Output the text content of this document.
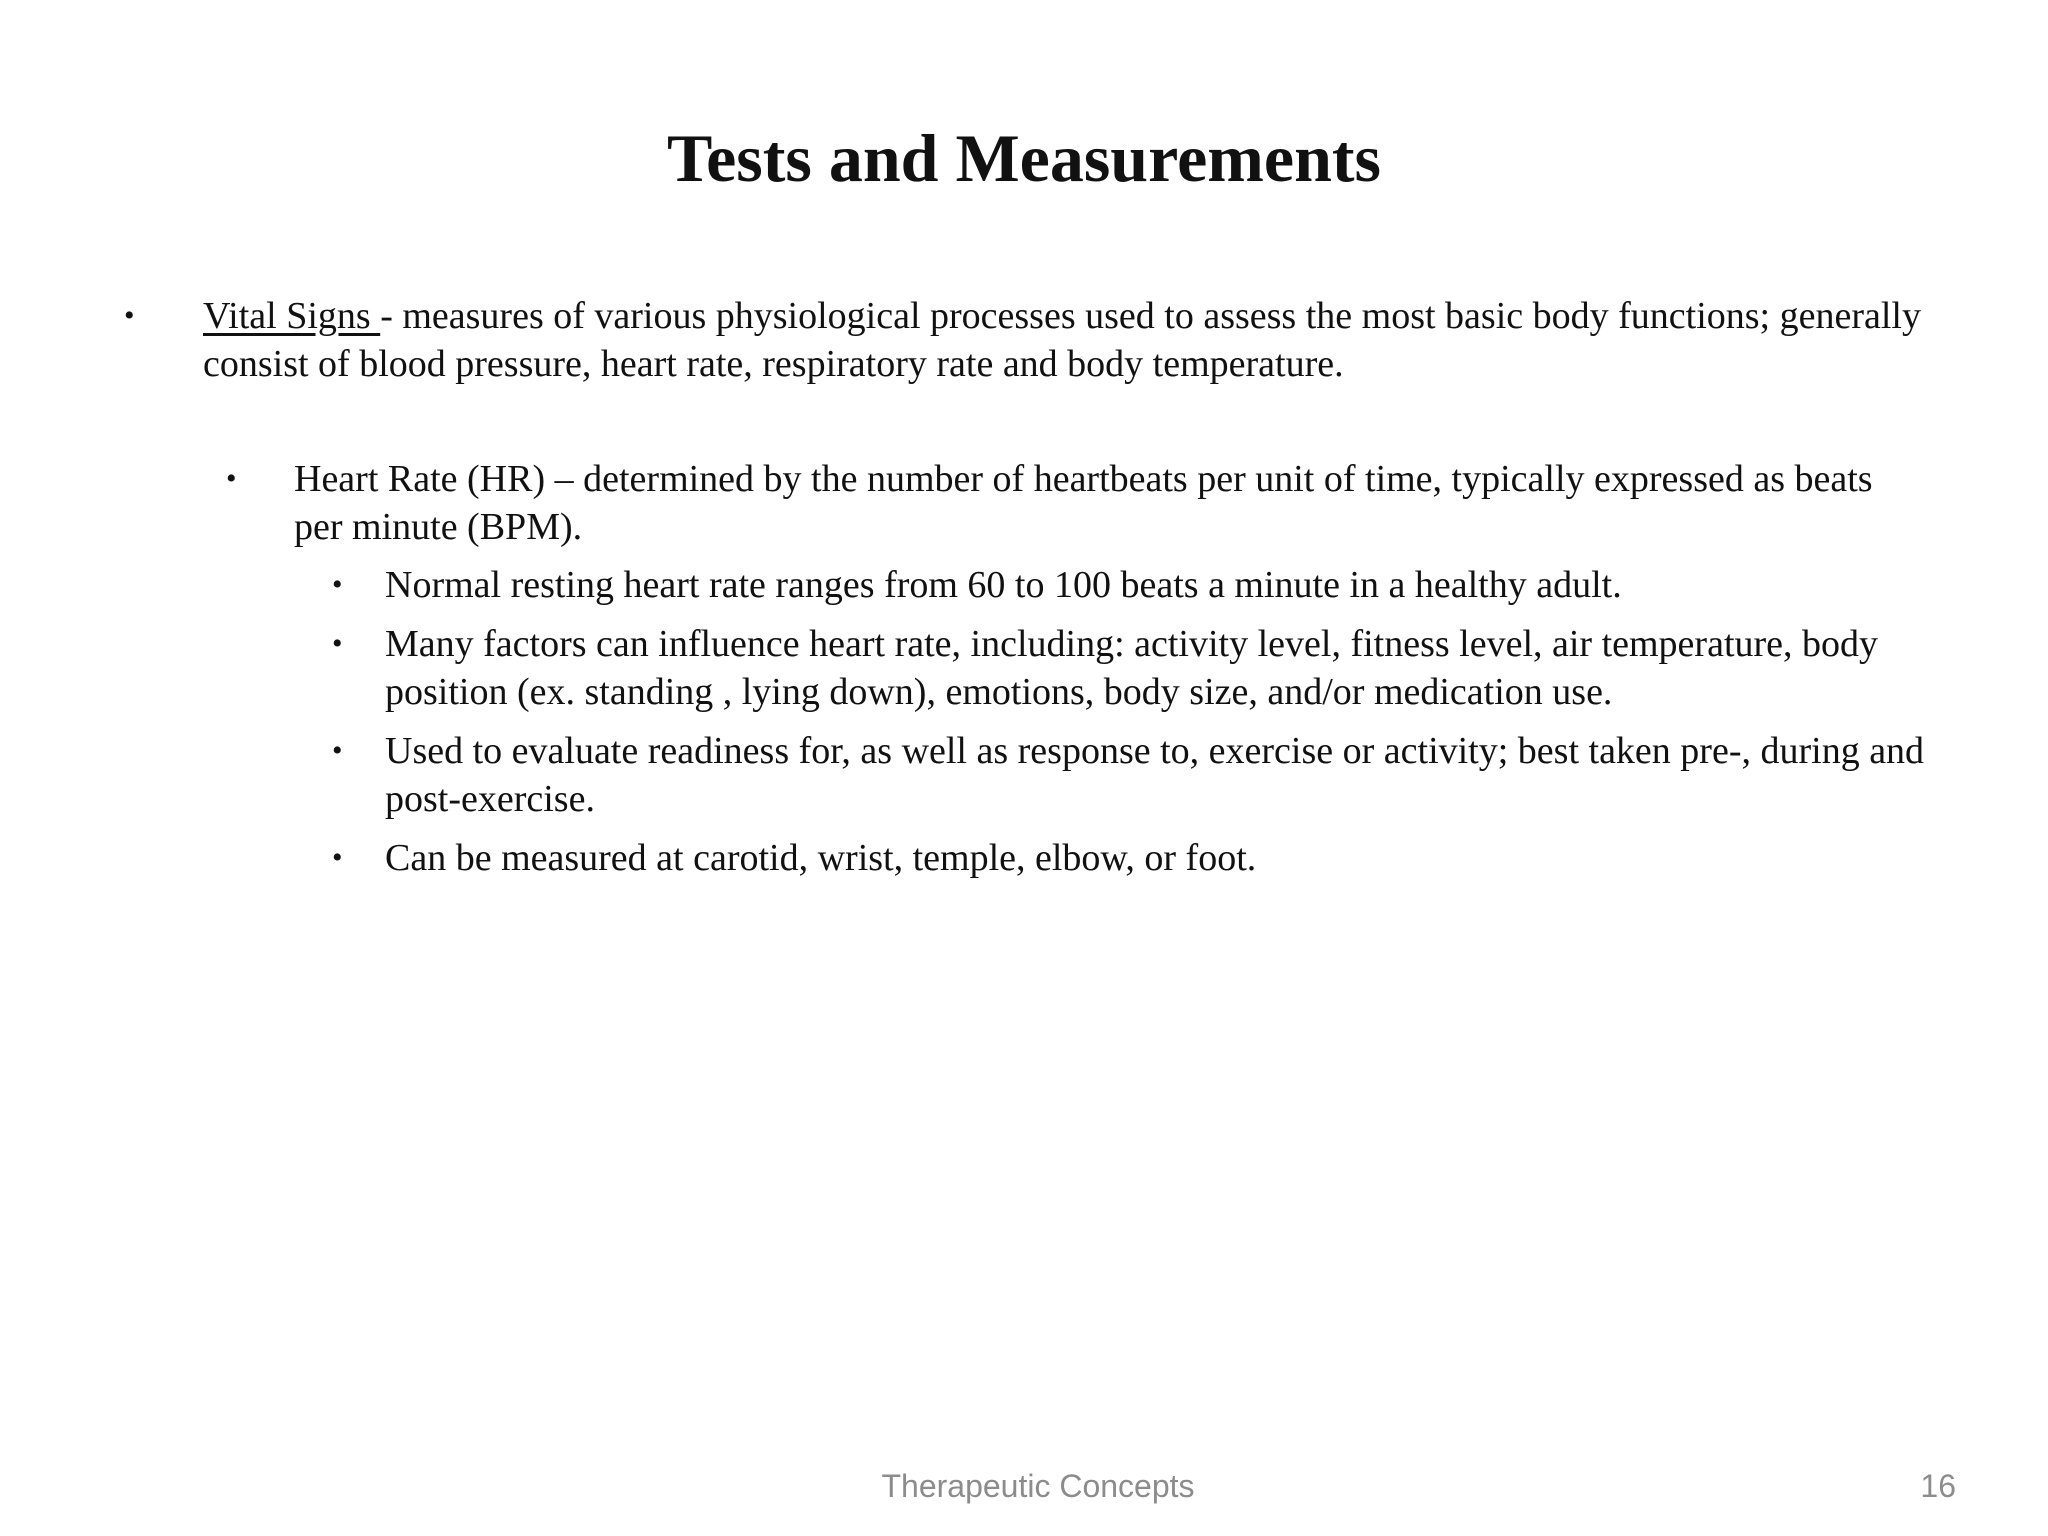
Tests and Measurements
• Vital Signs - measures of various physiological processes used to assess the most basic body functions; generally consist of blood pressure, heart rate, respiratory rate and body temperature.
• Heart Rate (HR) – determined by the number of heartbeats per unit of time, typically expressed as beats per minute (BPM).
• Normal resting heart rate ranges from 60 to 100 beats a minute in a healthy adult.
• Many factors can influence heart rate, including: activity level, fitness level, air temperature, body position (ex. standing , lying down), emotions, body size, and/or medication use.
• Used to evaluate readiness for, as well as response to, exercise or activity; best taken pre-, during and post-exercise.
• Can be measured at carotid, wrist, temple, elbow, or foot.
Therapeutic Concepts	16
